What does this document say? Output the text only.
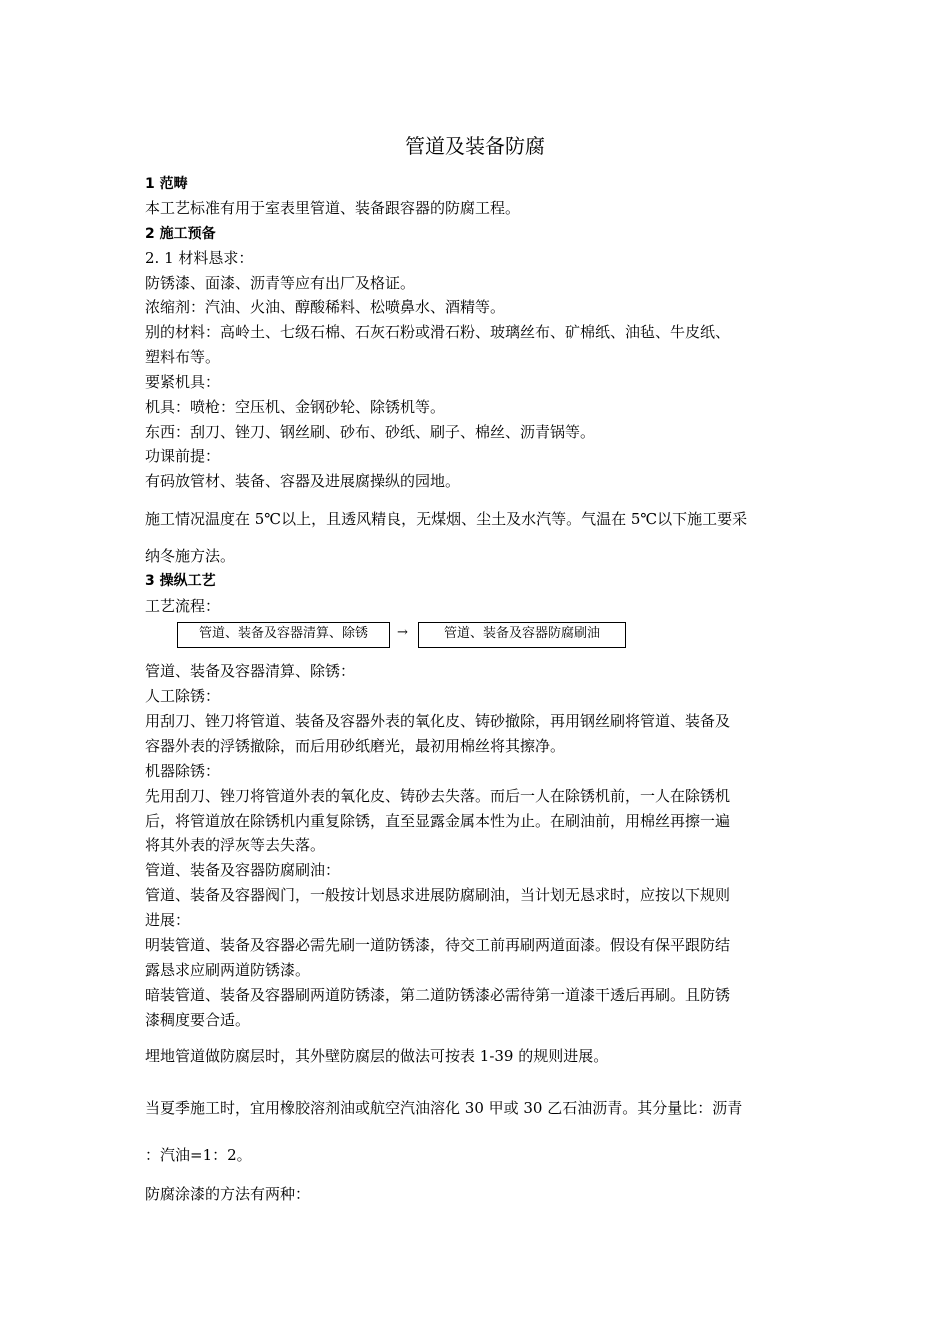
管道及装备防腐
1 范畴
本工艺标准有用于室表里管道、装备跟容器的防腐工程。
2 施工预备
2. 1 材料恳求：
防锈漆、面漆、沥青等应有出厂及格证。
浓缩剂：汽油、火油、醇酸稀料、松喷鼻水、酒精等。
别的材料：高岭土、七级石棉、石灰石粉或滑石粉、玻璃丝布、矿棉纸、油毡、牛皮纸、
塑料布等。
要紧机具：
机具：喷枪：空压机、金钢砂轮、除锈机等。
东西：刮刀、锉刀、钢丝刷、砂布、砂纸、刷子、棉丝、沥青锅等。
功课前提：
有码放管材、装备、容器及进展腐操纵的园地。
施工情况温度在 5℃以上，且透风精良，无煤烟、尘土及水汽等。气温在 5℃以下施工要采
纳冬施方法。
3 操纵工艺
工艺流程：
管道、装备及容器清算、除锈	→	管道、装备及容器防腐刷油
管道、装备及容器清算、除锈：
人工除锈：
用刮刀、锉刀将管道、装备及容器外表的氧化皮、铸砂撤除，再用钢丝刷将管道、装备及
容器外表的浮锈撤除，而后用砂纸磨光，最初用棉丝将其擦净。
机器除锈：
先用刮刀、锉刀将管道外表的氧化皮、铸砂去失落。而后一人在除锈机前，一人在除锈机
后，将管道放在除锈机内重复除锈，直至显露金属本性为止。在刷油前，用棉丝再擦一遍
将其外表的浮灰等去失落。
管道、装备及容器防腐刷油：
管道、装备及容器阀门，一般按计划恳求进展防腐刷油，当计划无恳求时，应按以下规则
进展：
明装管道、装备及容器必需先刷一道防锈漆，待交工前再刷两道面漆。假设有保平跟防结
露恳求应刷两道防锈漆。
暗装管道、装备及容器刷两道防锈漆，第二道防锈漆必需待第一道漆干透后再刷。且防锈
漆稠度要合适。
埋地管道做防腐层时，其外壁防腐层的做法可按表 1-39 的规则进展。
当夏季施工时，宜用橡胶溶剂油或航空汽油溶化 30 甲或 30 乙石油沥青。其分量比：沥青
：汽油=1：2。
防腐涂漆的方法有两种：
